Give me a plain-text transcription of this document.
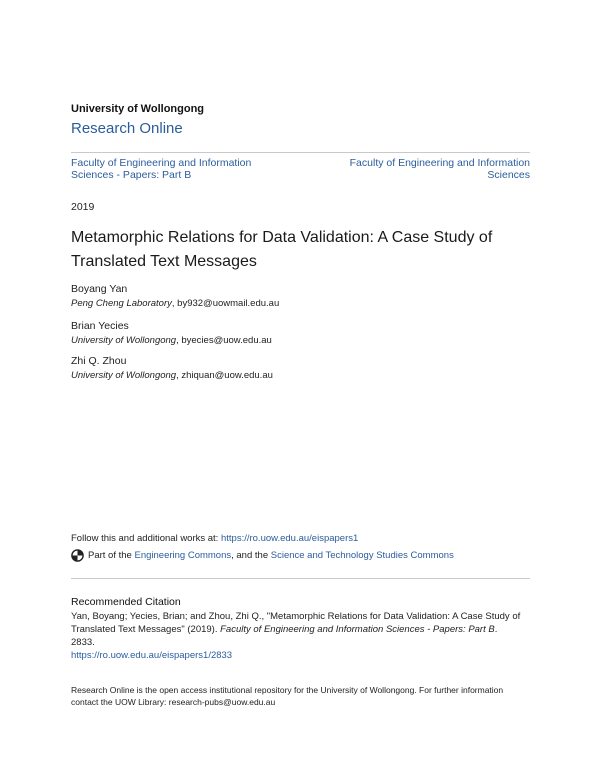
University of Wollongong
Research Online
Faculty of Engineering and Information Sciences - Papers: Part B
Faculty of Engineering and Information Sciences
2019
Metamorphic Relations for Data Validation: A Case Study of Translated Text Messages
Boyang Yan
Peng Cheng Laboratory, by932@uowmail.edu.au
Brian Yecies
University of Wollongong, byecies@uow.edu.au
Zhi Q. Zhou
University of Wollongong, zhiquan@uow.edu.au
Follow this and additional works at: https://ro.uow.edu.au/eispapers1
Part of the
Engineering Commons , and the
Science and Technology Studies Commons
Recommended Citation
Yan, Boyang; Yecies, Brian; and Zhou, Zhi Q., "Metamorphic Relations for Data Validation: A Case Study of Translated Text Messages" (2019). Faculty of Engineering and Information Sciences - Papers: Part B.
2833.
https://ro.uow.edu.au/eispapers1/2833
Research Online is the open access institutional repository for the University of Wollongong. For further information contact the UOW Library: research-pubs@uow.edu.au
